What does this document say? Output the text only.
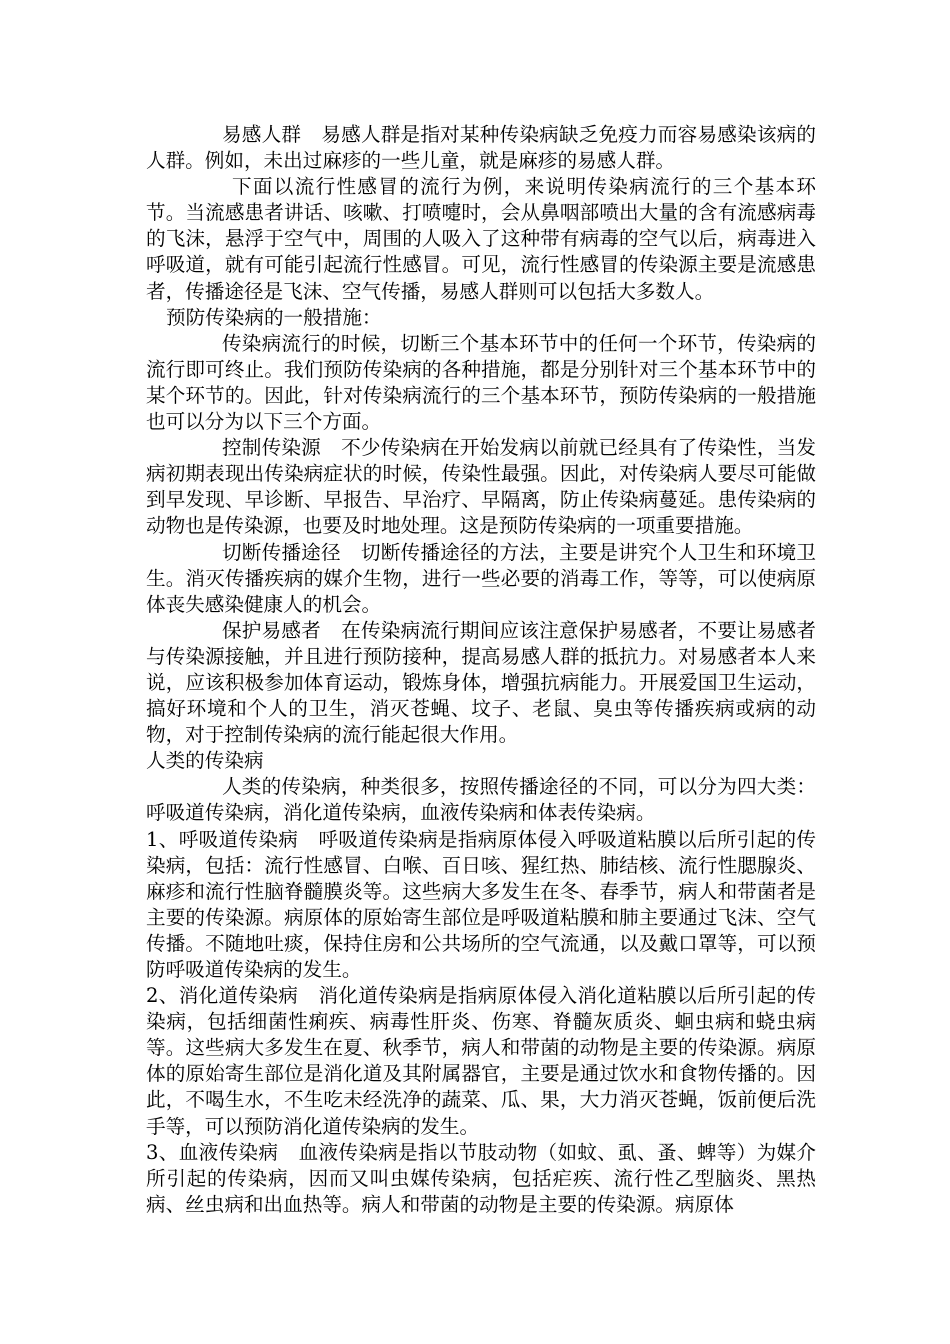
易感人群 易感人群是指对某种传染病缺乏免疫力而容易感染该病的人群。例如，未出过麻疹的一些儿童，就是麻疹的易感人群。

下面以流行性感冒的流行为例，来说明传染病流行的三个基本环节。当流感患者讲话、咳嗽、打喷嚏时，会从鼻咽部喷出大量的含有流感病毒的飞沫，悬浮于空气中，周围的人吸入了这种带有病毒的空气以后，病毒进入呼吸道，就有可能引起流行性感冒。可见，流行性感冒的传染源主要是流感患者，传播途径是飞沫、空气传播，易感人群则可以包括大多数人。

预防传染病的一般措施：

传染病流行的时候，切断三个基本环节中的任何一个环节，传染病的流行即可终止。我们预防传染病的各种措施，都是分别针对三个基本环节中的某个环节的。因此，针对传染病流行的三个基本环节，预防传染病的一般措施也可以分为以下三个方面。

控制传染源 不少传染病在开始发病以前就已经具有了传染性，当发病初期表现出传染病症状的时候，传染性最强。因此，对传染病人要尽可能做到早发现、早诊断、早报告、早治疗、早隔离，防止传染病蔓延。患传染病的动物也是传染源，也要及时地处理。这是预防传染病的一项重要措施。

切断传播途径 切断传播途径的方法，主要是讲究个人卫生和环境卫生。消灭传播疾病的媒介生物，进行一些必要的消毒工作，等等，可以使病原体丧失感染健康人的机会。

保护易感者 在传染病流行期间应该注意保护易感者，不要让易感者与传染源接触，并且进行预防接种，提高易感人群的抵抗力。对易感者本人来说，应该积极参加体育运动，锻炼身体，增强抗病能力。开展爱国卫生运动，搞好环境和个人的卫生，消灭苍蝇、坟子、老鼠、臭虫等传播疾病或病的动物，对于控制传染病的流行能起很大作用。

人类的传染病

人类的传染病，种类很多，按照传播途径的不同，可以分为四大类：呼吸道传染病，消化道传染病，血液传染病和体表传染病。

1、呼吸道传染病 呼吸道传染病是指病原体侵入呼吸道粘膜以后所引起的传染病，包括：流行性感冒、白喉、百日咳、猩红热、肺结核、流行性腮腺炎、麻疹和流行性脑脊髓膜炎等。这些病大多发生在冬、春季节，病人和带菌者是主要的传染源。病原体的原始寄生部位是呼吸道粘膜和肺主要通过飞沫、空气传播。不随地吐痰，保持住房和公共场所的空气流通，以及戴口罩等，可以预防呼吸道传染病的发生。

2、消化道传染病 消化道传染病是指病原体侵入消化道粘膜以后所引起的传染病，包括细菌性痢疾、病毒性肝炎、伤寒、脊髓灰质炎、蛔虫病和蛲虫病等。这些病大多发生在夏、秋季节，病人和带菌的动物是主要的传染源。病原体的原始寄生部位是消化道及其附属器官，主要是通过饮水和食物传播的。因此，不喝生水，不生吃未经洗净的蔬菜、瓜、果，大力消灭苍蝇，饭前便后洗手等，可以预防消化道传染病的发生。

3、血液传染病 血液传染病是指以节肢动物（如蚊、虱、蚤、蜱等）为媒介所引起的传染病，因而又叫虫媒传染病，包括疟疾、流行性乙型脑炎、黑热病、丝虫病和出血热等。病人和带菌的动物是主要的传染源。病原体
